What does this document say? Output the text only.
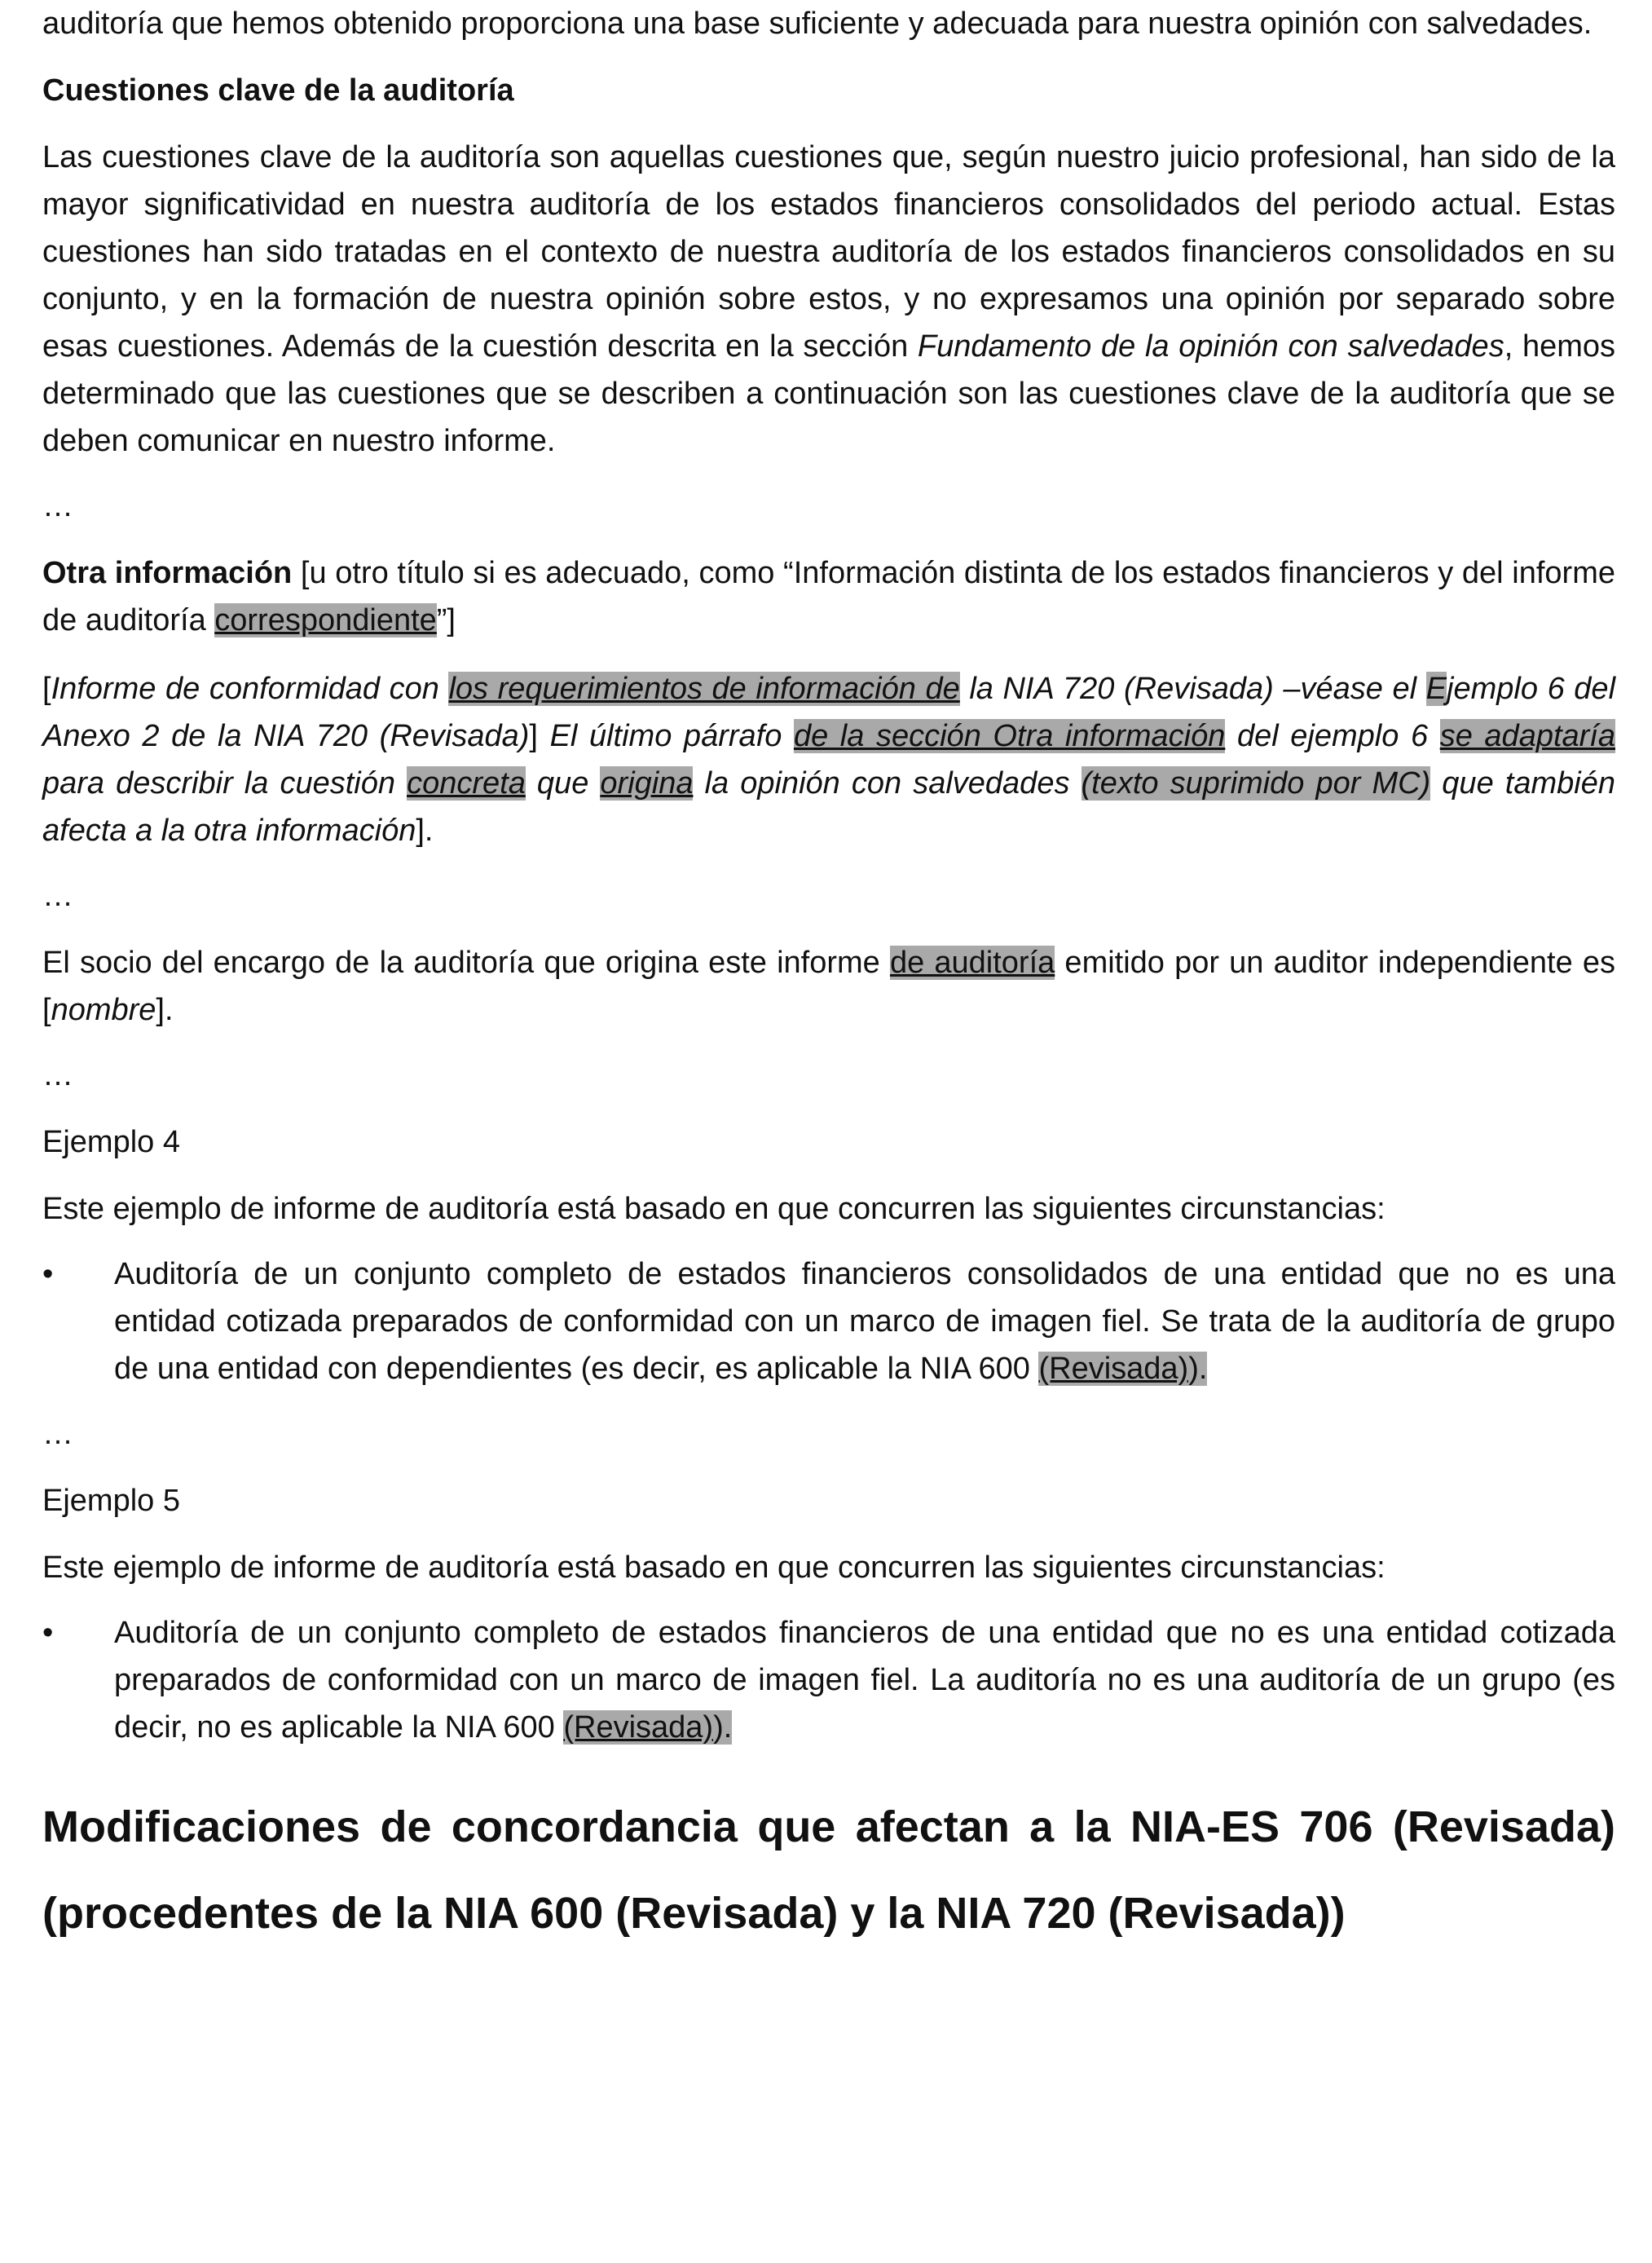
auditoría que hemos obtenido proporciona una base suficiente y adecuada para nuestra opinión con salvedades.

Cuestiones clave de la auditoría

Las cuestiones clave de la auditoría son aquellas cuestiones que, según nuestro juicio profesional, han sido de la mayor significatividad en nuestra auditoría de los estados financieros consolidados del periodo actual. Estas cuestiones han sido tratadas en el contexto de nuestra auditoría de los estados financieros consolidados en su conjunto, y en la formación de nuestra opinión sobre estos, y no expresamos una opinión por separado sobre esas cuestiones. Además de la cuestión descrita en la sección Fundamento de la opinión con salvedades, hemos determinado que las cuestiones que se describen a continuación son las cuestiones clave de la auditoría que se deben comunicar en nuestro informe.

…

Otra información [u otro título si es adecuado, como “Información distinta de los estados financieros y del informe de auditoría correspondiente”]

[Informe de conformidad con los requerimientos de información de la NIA 720 (Revisada) –véase el Ejemplo 6 del Anexo 2 de la NIA 720 (Revisada)] El último párrafo de la sección Otra información del ejemplo 6 se adaptaría para describir la cuestión concreta que origina la opinión con salvedades (texto suprimido por MC) que también afecta a la otra información].

…

El socio del encargo de la auditoría que origina este informe de auditoría emitido por un auditor independiente es [nombre].

…

Ejemplo 4

Este ejemplo de informe de auditoría está basado en que concurren las siguientes circunstancias:

•	Auditoría de un conjunto completo de estados financieros consolidados de una entidad que no es una entidad cotizada preparados de conformidad con un marco de imagen fiel. Se trata de la auditoría de grupo de una entidad con dependientes (es decir, es aplicable la NIA 600 (Revisada)).

…

Ejemplo 5

Este ejemplo de informe de auditoría está basado en que concurren las siguientes circunstancias:

•	Auditoría de un conjunto completo de estados financieros de una entidad que no es una entidad cotizada preparados de conformidad con un marco de imagen fiel. La auditoría no es una auditoría de un grupo (es decir, no es aplicable la NIA 600 (Revisada)).

Modificaciones de concordancia que afectan a la NIA-ES 706 (Revisada) (procedentes de la NIA 600 (Revisada) y la NIA 720 (Revisada))
